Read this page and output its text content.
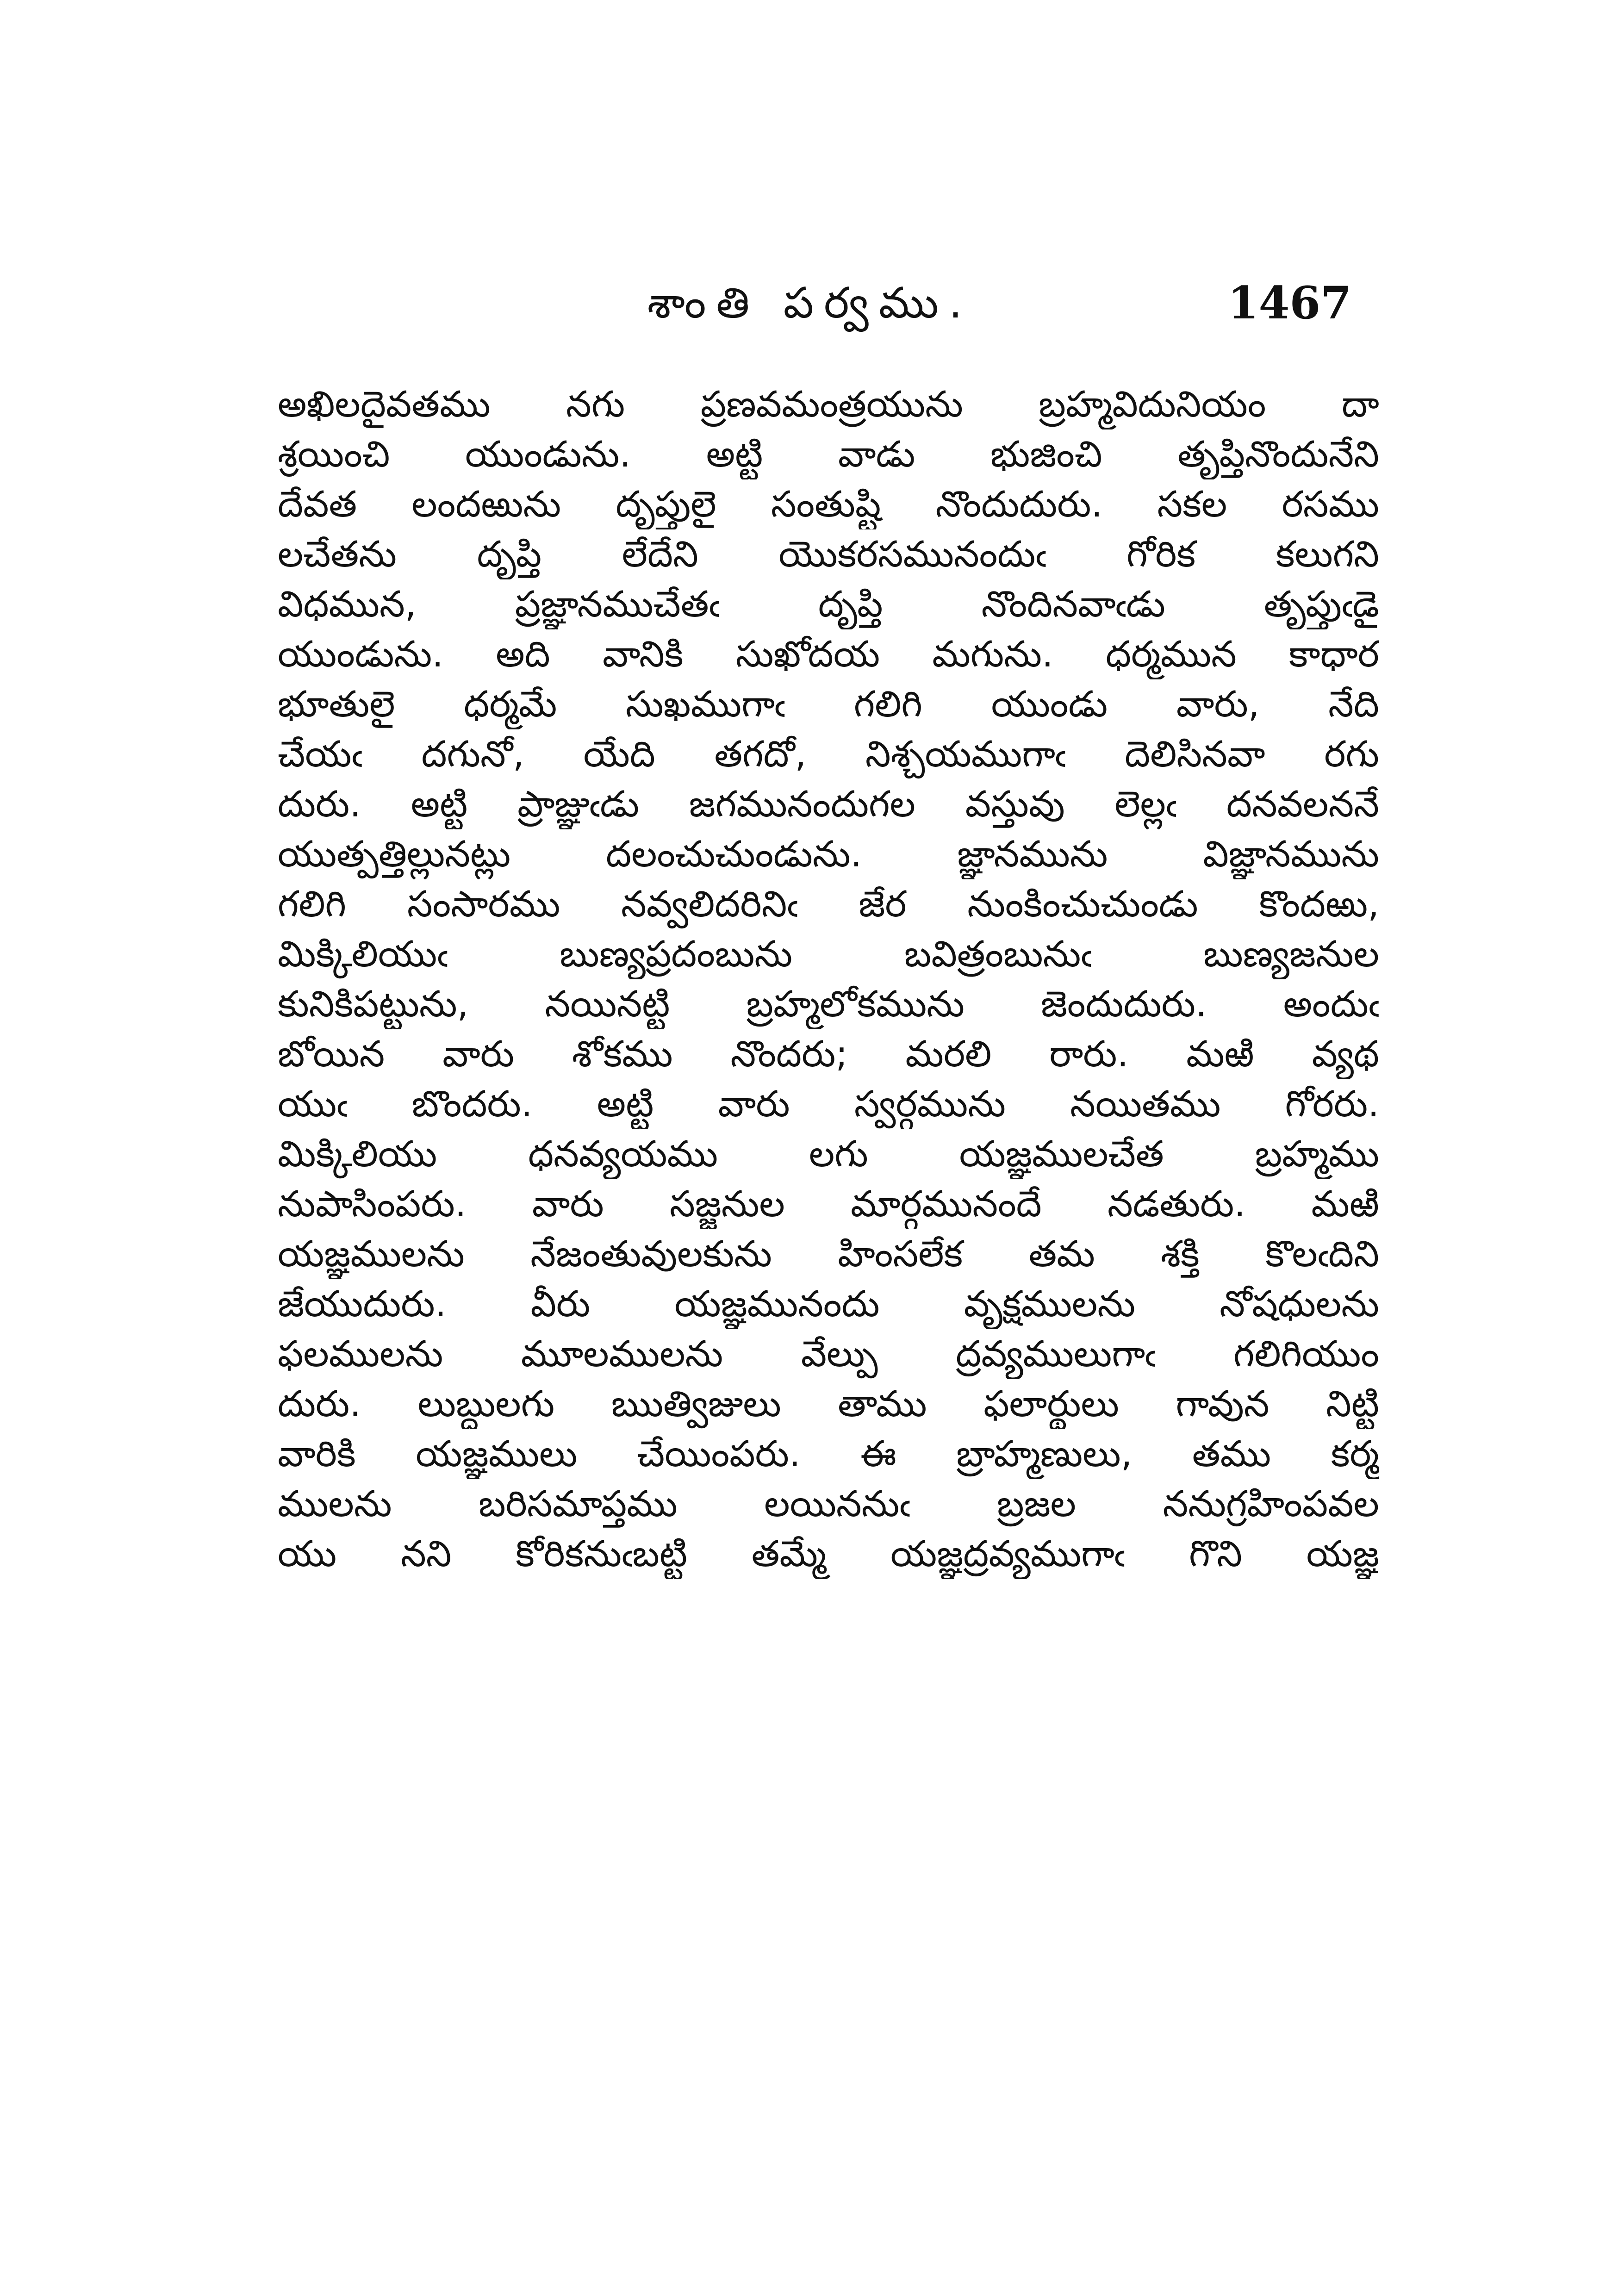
శాంతి పర్వము.	1467
అఖిలదైవతము నగు ప్రణవమంత్రయును బ్రహ్మవిదునియం దా
శ్రయించి యుండును. అట్టి వాడు భుజించి తృప్తినొందునేని
దేవత లందఱును దృప్తులై సంతుష్టి నొందుదురు. సకల రసము
లచేతను దృప్తి లేదేని యొకరసమునందుఁ గోరిక కలుగని
విధమున, ప్రజ్ఞానముచేతఁ దృప్తి నొందినవాఁడు తృప్తుఁడై
యుండును. అది వానికి సుఖోదయ మగును. ధర్మమున కాధార
భూతులై ధర్మమే సుఖముగాఁ గలిగి యుండు వారు, నేది
చేయఁ దగునో, యేది తగదో, నిశ్చయముగాఁ దెలిసినవా రగు
దురు. అట్టి ప్రాజ్ఞుఁడు జగమునందుగల వస్తువు లెల్లఁ దనవలననే
యుత్పత్తిల్లునట్లు దలంచుచుండును. జ్ఞానమును విజ్ఞానమును
గలిగి సంసారము నవ్వలిదరినిఁ జేర నుంకించుచుండు కొందఱు,
మిక్కిలియుఁ బుణ్యప్రదంబును బవిత్రంబునుఁ బుణ్యజనుల
కునికిపట్టును, నయినట్టి బ్రహ్మలోకమును జెందుదురు. అందుఁ
బోయిన వారు శోకము నొందరు; మరలి రారు. మఱి వ్యథ
యుఁ బొందరు. అట్టి వారు స్వర్గమును నయితము గోరరు.
మిక్కిలియు ధనవ్యయము లగు యజ్ఞములచేత బ్రహ్మము
నుపాసింపరు. వారు సజ్జనుల మార్గమునందే నడతురు. మఱి
యజ్ఞములను నేజంతువులకును హింసలేక తమ శక్తి కొలఁదిని
జేయుదురు. వీరు యజ్ఞమునందు వృక్షములను నోషధులను
ఫలములను మూలములను వేల్పు ద్రవ్యములుగాఁ గలిగియుం
దురు. లుబ్ధులగు ఋత్విజులు తాము ఫలార్థులు గావున నిట్టి
వారికి యజ్ఞములు చేయింపరు. ఈ బ్రాహ్మణులు, తము కర్మ
ములను బరిసమాప్తము లయిననుఁ బ్రజల ననుగ్రహింపవల
యు నని కోరికనుఁబట్టి తమ్మే యజ్ఞద్రవ్యముగాఁ గొని యజ్ఞ
